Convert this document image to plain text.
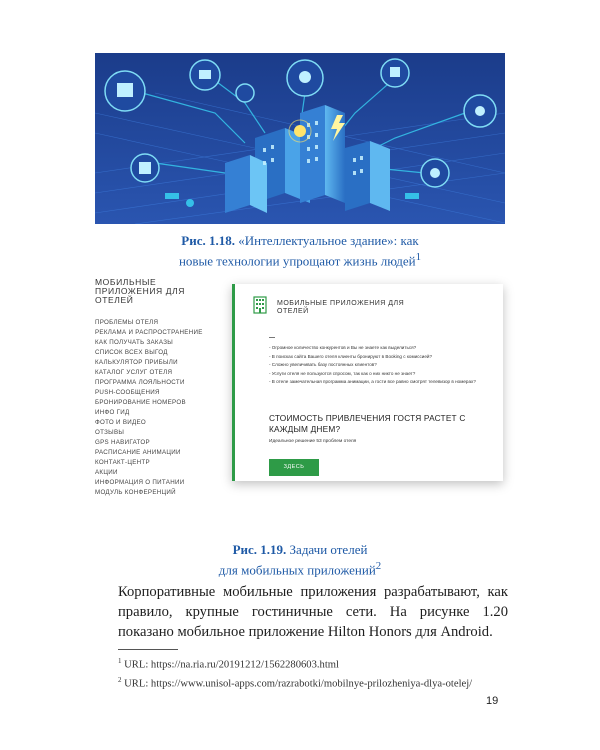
Рис. 1.18. «Интеллектуальное здание»: как
новые технологии упрощают жизнь людей$^1$
МОБИЛЬНЫЕ ПРИЛОЖЕНИЯ ДЛЯ ОТЕЛЕЙ
ПРОБЛЕМЫ ОТЕЛЯ
РЕКЛАМА И РАСПРОСТРАНЕНИЕ
КАК ПОЛУЧАТЬ ЗАКАЗЫ
СПИСОК ВСЕХ ВЫГОД
КАЛЬКУЛЯТОР ПРИБЫЛИ
КАТАЛОГ УСЛУГ ОТЕЛЯ
ПРОГРАММА ЛОЯЛЬНОСТИ
PUSH-СООБЩЕНИЯ
БРОНИРОВАНИЕ НОМЕРОВ
ИНФО ГИД
ФОТО И ВИДЕО
ОТЗЫВЫ
GPS НАВИГАТОР
РАСПИСАНИЕ АНИМАЦИИ
КОНТАКТ-ЦЕНТР
АКЦИИ
ИНФОРМАЦИЯ О ПИТАНИИ
МОДУЛЬ КОНФЕРЕНЦИЙ
МОБИЛЬНЫЕ ПРИЛОЖЕНИЯ ДЛЯ ОТЕЛЕЙ
- Огромное количество конкурентов и Вы не знаете как выделиться?
- В поисках сайта Вашего отеля клиенты бронируют в Booking с комиссией?
- Сложно увеличивать базу постоянных клиентов?
- Услуги отеля не пользуются спросом, так как о них никто не знает?
- В отеле замечательная программа анимации, а гости все равно смотрят телевизор в номерах?
СТОИМОСТЬ ПРИВЛЕЧЕНИЯ ГОСТЯ РАСТЕТ С КАЖДЫМ ДНЕМ?
Идеальное решение 53 проблем отеля
ЗДЕСЬ
Рис. 1.19. Задачи отелей
для мобильных приложений$^2$

Корпоративные мобильные приложения разрабатывают, как правило, крупные гостиничные сети. На рисунке 1.20 показано мобильное приложение Hilton Honors для Android.

$^1$ URL: https://na.ria.ru/20191212/1562280603.html
$^2$ URL: https://www.unisol-apps.com/razrabotki/mobilnye-prilozheniya-dlya-otelej/
19
